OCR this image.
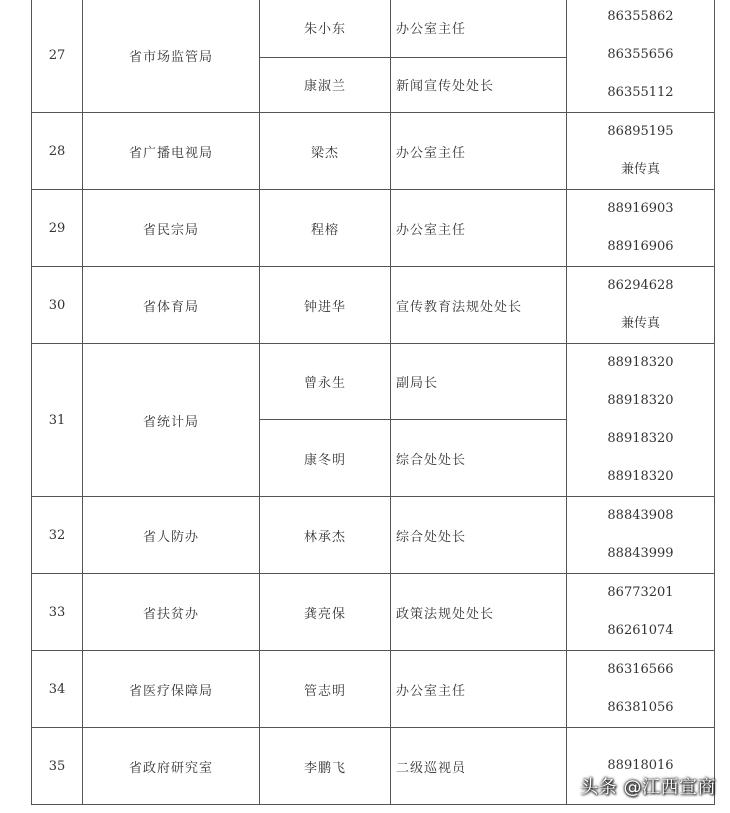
27	省市场监管局	朱小东	办公室主任	86355862
86355656
86355112

		康淑兰	新闻宣传处处长	
28	省广播电视局	梁杰	办公室主任	86895195
兼传真

29	省民宗局	程榕	办公室主任	88916903
88916906

30	省体育局	钟进华	宣传教育法规处处长	86294628
兼传真

31	省统计局	曾永生	副局长	88918320
88918320
88918320
88918320

		康冬明	综合处处长	
32	省人防办	林承杰	综合处处长	88843908
88843999

33	省扶贫办	龚亮保	政策法规处处长	86773201
86261074

34	省医疗保障局	管志明	办公室主任	86316566
86381056

35	省政府研究室	李鹏飞	二级巡视员	88918016
头条 @江西宣商
